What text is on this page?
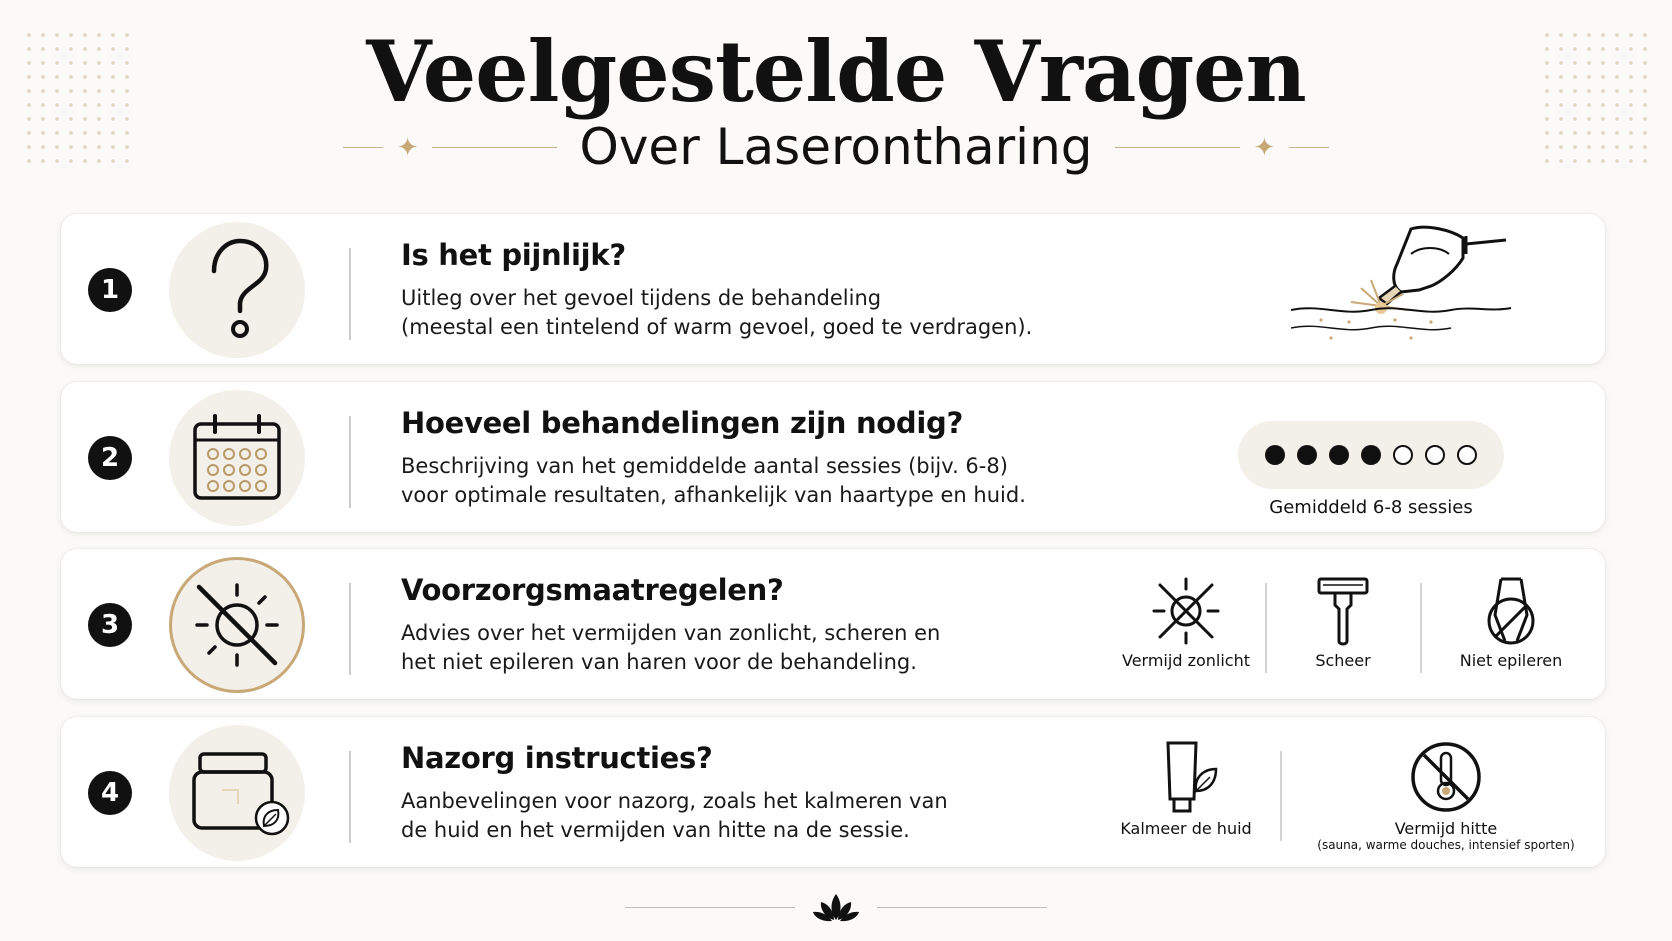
Veelgestelde Vragen
✦	Over Laserontharing	✦
1
Is het pijnlijk?

Uitleg over het gevoel tijdens de behandeling
(meestal een tintelend of warm gevoel, goed te verdragen).

2
Hoeveel behandelingen zijn nodig?

Beschrijving van het gemiddelde aantal sessies (bijv. 6-8)
voor optimale resultaten, afhankelijk van haartype en huid.

Gemiddeld 6-8 sessies
3
Voorzorgsmaatregelen?

Advies over het vermijden van zonlicht, scheren en
het niet epileren van haren voor de behandeling.	Vermijd zonlicht	Scheer	Niet epileren
4
Nazorg instructies?

Aanbevelingen voor nazorg, zoals het kalmeren van
de huid en het vermijden van hitte na de sessie.	Kalmeer de huid	Vermijd hitte
(sauna, warme douches, intensief sporten)
